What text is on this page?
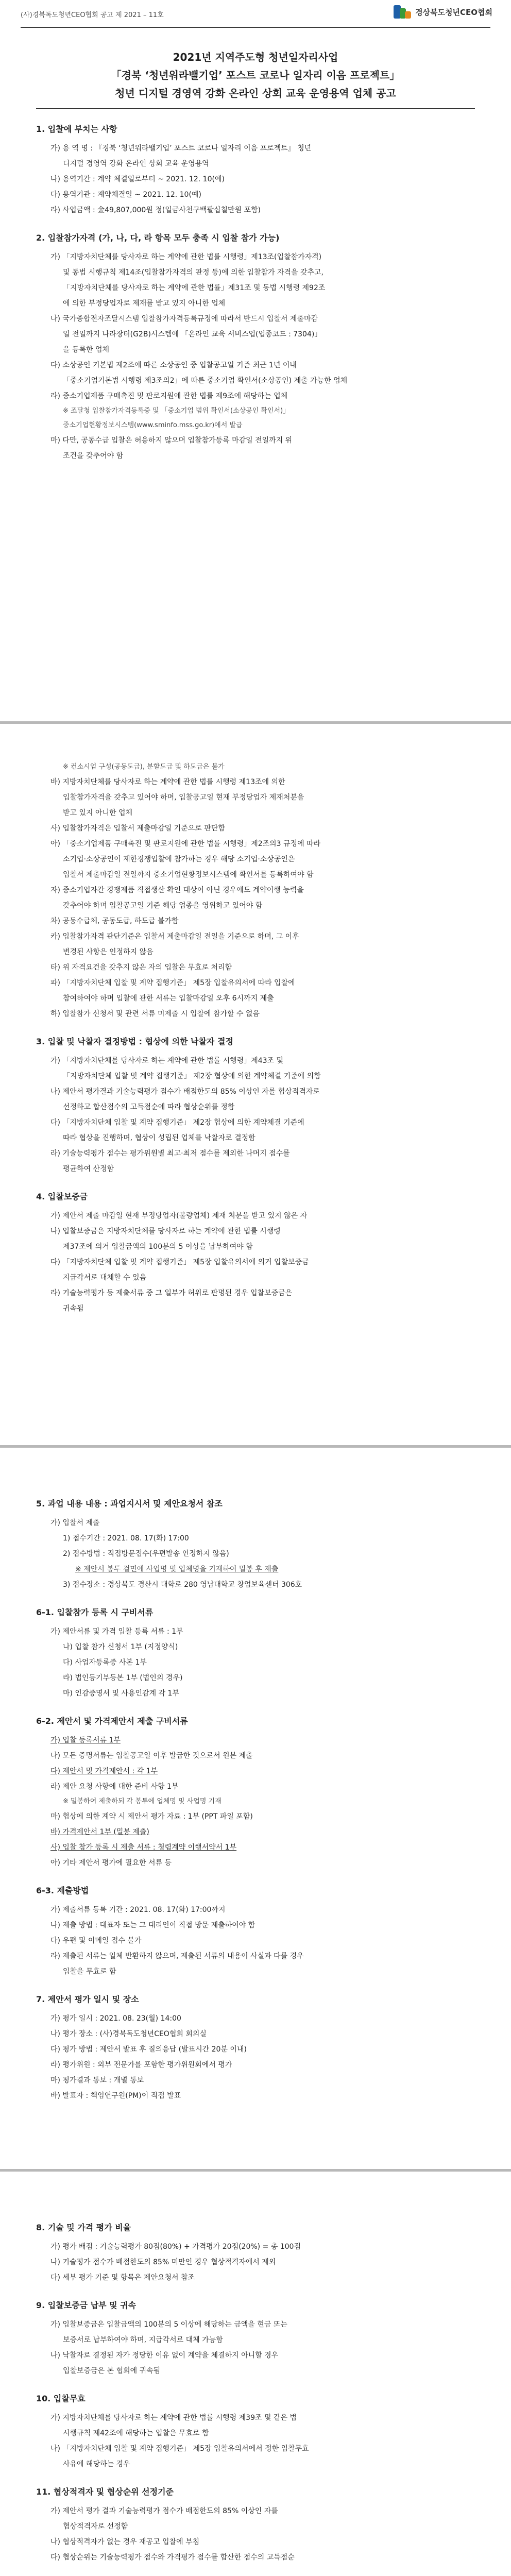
(사)경북독도청년CEO협회 공고 제 2021 – 11호	경상북도청년CEO협회

2021년 지역주도형 청년일자리사업

「경북 ‘청년워라밸기업’ 포스트 코로나 일자리 이음 프로젝트」

청년 디지털 경영역 강화 온라인 상회 교육 운영용역 업체 공고

1. 입찰에 부치는 사항

가) 용 역 명 : 『경북 ‘청년워라밸기업’ 포스트 코로나 일자리 이음 프로젝트』 청년

디지털 경영역 강화 온라인 상회 교육 운영용역

나) 용역기간 : 계약 체결일로부터 ~ 2021. 12. 10(예)

다) 용역기관 : 계약체결일 ~ 2021. 12. 10(예)

라) 사업금액 : 金49,807,000원 정(일금사천구백팔십칠만원 포함)

2. 입찰참가자격 (가, 나, 다, 라 항목 모두 충족 시 입찰 참가 가능)

가) 「지방자치단체를 당사자로 하는 계약에 관한 법률 시행령」제13조(입찰참가자격)

및 동법 시행규칙 제14조(입찰참가자격의 판정 등)에 의한 입찰참가 자격을 갖추고,

「지방자치단체를 당사자로 하는 계약에 관한 법률」제31조 및 동법 시행령 제92조

에 의한 부정당업자로 제재를 받고 있지 아니한 업체

나) 국가종합전자조달시스템 입찰참가자격등록규정에 따라서 반드시 입찰서 제출마감

일 전일까지 나라장터(G2B)시스템에 「온라인 교육 서비스업(업종코드 : 7304)」

을 등록한 업체

다) 소상공인 기본법 제2조에 따른 소상공인 중 입찰공고일 기준 최근 1년 이내

「중소기업기본법 시행령 제3조의2」에 따른 중소기업 확인서(소상공인) 제출 가능한 업체

라) 중소기업제품 구매촉진 및 판로지원에 관한 법률 제9조에 해당하는 업체

※ 조달청 입찰참가자격등록증 및 「중소기업 범위 확인서(소상공인 확인서)」

중소기업현황정보시스템(www.sminfo.mss.go.kr)에서 발급

마) 다만, 공동수급 입찰은 허용하지 않으며 입찰참가등록 마감일 전일까지 위

조건을 갖추어야 함

※ 컨소시엄 구성(공동도급), 분할도급 및 하도급은 불가

바) 지방자치단체를 당사자로 하는 계약에 관한 법률 시행령 제13조에 의한

입찰참가자격을 갖추고 있어야 하며, 입찰공고일 현재 부정당업자 제재처분을

받고 있지 아니한 업체

사) 입찰참가자격은 입찰서 제출마감일 기준으로 판단함

아) 「중소기업제품 구매촉진 및 판로지원에 관한 법률 시행령」제2조의3 규정에 따라

소기업·소상공인이 제한경쟁입찰에 참가하는 경우 해당 소기업·소상공인은

입찰서 제출마감일 전일까지 중소기업현황정보시스템에 확인서를 등록하여야 함

자) 중소기업자간 경쟁제품 직접생산 확인 대상이 아닌 경우에도 계약이행 능력을

갖추어야 하며 입찰공고일 기준 해당 업종을 영위하고 있어야 함

차) 공동수급체, 공동도급, 하도급 불가함

카) 입찰참가자격 판단기준은 입찰서 제출마감일 전일을 기준으로 하며, 그 이후

변경된 사항은 인정하지 않음

타) 위 자격요건을 갖추지 않은 자의 입찰은 무효로 처리함

파) 「지방자치단체 입찰 및 계약 집행기준」 제5장 입찰유의서에 따라 입찰에

참여하여야 하며 입찰에 관한 서류는 입찰마감일 오후 6시까지 제출

하) 입찰참가 신청서 및 관련 서류 미제출 시 입찰에 참가할 수 없음

3. 입찰 및 낙찰자 결정방법 : 협상에 의한 낙찰자 결정

가) 「지방자치단체를 당사자로 하는 계약에 관한 법률 시행령」제43조 및

「지방자치단체 입찰 및 계약 집행기준」 제2장 협상에 의한 계약체결 기준에 의함

나) 제안서 평가결과 기술능력평가 점수가 배점한도의 85% 이상인 자를 협상적격자로

선정하고 합산점수의 고득점순에 따라 협상순위를 정함

다) 「지방자치단체 입찰 및 계약 집행기준」 제2장 협상에 의한 계약체결 기준에

따라 협상을 진행하며, 협상이 성립된 업체를 낙찰자로 결정함

라) 기술능력평가 점수는 평가위원별 최고·최저 점수를 제외한 나머지 점수를

평균하여 산정함

4. 입찰보증금

가) 제안서 제출 마감일 현재 부정당업자(불량업체) 제재 처분을 받고 있지 않은 자

나) 입찰보증금은 지방자치단체를 당사자로 하는 계약에 관한 법률 시행령

제37조에 의거 입찰금액의 100분의 5 이상을 납부하여야 함

다) 「지방자치단체 입찰 및 계약 집행기준」 제5장 입찰유의서에 의거 입찰보증금

지급각서로 대체할 수 있음

라) 기술능력평가 등 제출서류 중 그 일부가 허위로 판명된 경우 입찰보증금은

귀속됨

5. 과업 내용 내용 : 과업지시서 및 제안요청서 참조

가) 입찰서 제출

1) 접수기간 : 2021. 08. 17(화) 17:00

2) 접수방법 : 직접방문접수(우편발송 인정하지 않음)

※ 제안서 봉투 겉면에 사업명 및 업체명을 기재하여 밀봉 후 제출

3) 접수장소 : 경상북도 경산시 대학로 280 영남대학교 창업보육센터 306호

6-1. 입찰참가 등록 시 구비서류

가) 제안서류 및 가격 입찰 등록 서류 : 1부

나) 입찰 참가 신청서 1부 (지정양식)

다) 사업자등록증 사본 1부

라) 법인등기부등본 1부 (법인의 경우)

마) 인감증명서 및 사용인감계 각 1부

6-2. 제안서 및 가격제안서 제출 구비서류

가) 입찰 등록서류 1부

나) 모든 증명서류는 입찰공고일 이후 발급한 것으로서 원본 제출

다) 제안서 및 가격제안서 : 각 1부

라) 제안 요청 사항에 대한 준비 사항 1부

※ 밀봉하여 제출하되 각 봉투에 업체명 및 사업명 기재

마) 협상에 의한 계약 시 제안서 평가 자료 : 1부 (PPT 파일 포함)

바) 가격제안서 1부 (밀봉 제출)

사) 입찰 참가 등록 시 제출 서류 : 청렴계약 이행서약서 1부

아) 기타 제안서 평가에 필요한 서류 등

6-3. 제출방법

가) 제출서류 등록 기간 : 2021. 08. 17(화) 17:00까지

나) 제출 방법 : 대표자 또는 그 대리인이 직접 방문 제출하여야 함

다) 우편 및 이메일 접수 불가

라) 제출된 서류는 일체 반환하지 않으며, 제출된 서류의 내용이 사실과 다를 경우

입찰을 무효로 함

7. 제안서 평가 일시 및 장소

가) 평가 일시 : 2021. 08. 23(월) 14:00

나) 평가 장소 : (사)경북독도청년CEO협회 회의실

다) 평가 방법 : 제안서 발표 후 질의응답 (발표시간 20분 이내)

라) 평가위원 : 외부 전문가를 포함한 평가위원회에서 평가

마) 평가결과 통보 : 개별 통보

바) 발표자 : 책임연구원(PM)이 직접 발표

8. 기술 및 가격 평가 비율

가) 평가 배점 : 기술능력평가 80점(80%) + 가격평가 20점(20%) = 총 100점

나) 기술평가 점수가 배점한도의 85% 미만인 경우 협상적격자에서 제외

다) 세부 평가 기준 및 항목은 제안요청서 참조

9. 입찰보증금 납부 및 귀속

가) 입찰보증금은 입찰금액의 100분의 5 이상에 해당하는 금액을 현금 또는

보증서로 납부하여야 하며, 지급각서로 대체 가능함

나) 낙찰자로 결정된 자가 정당한 이유 없이 계약을 체결하지 아니할 경우

입찰보증금은 본 협회에 귀속됨

10. 입찰무효

가) 지방자치단체를 당사자로 하는 계약에 관한 법률 시행령 제39조 및 같은 법

시행규칙 제42조에 해당하는 입찰은 무효로 함

나) 「지방자치단체 입찰 및 계약 집행기준」 제5장 입찰유의서에서 정한 입찰무효

사유에 해당하는 경우

11. 협상적격자 및 협상순위 선정기준

가) 제안서 평가 결과 기술능력평가 점수가 배점한도의 85% 이상인 자를

협상적격자로 선정함

나) 협상적격자가 없는 경우 재공고 입찰에 부침

다) 협상순위는 기술능력평가 점수와 가격평가 점수를 합산한 점수의 고득점순
